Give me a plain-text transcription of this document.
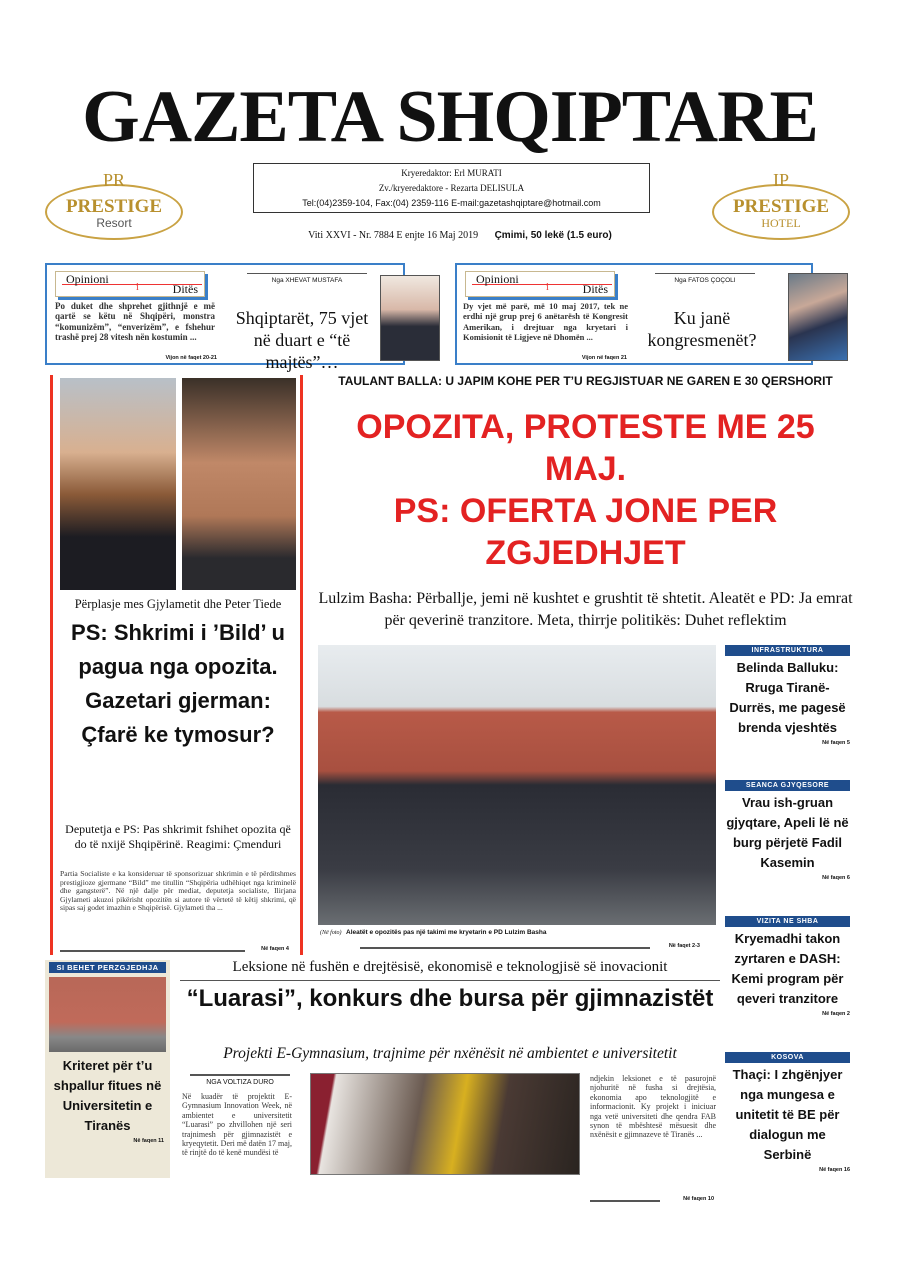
GAZETA SHQIPTARE
PR
PRESTIGE
Resort
IP
PRESTIGE
HOTEL
Kryeredaktor: Erl MURATI
Zv./kryeredaktore - Rezarta DELISULA
Tel:(04)2359-104, Fax:(04) 2359-116 E-mail:gazetashqiptare@hotmail.com
Viti XXVI - Nr. 7884 E enjte 16 Maj 2019 Çmimi, 50 lekë (1.5 euro)
Opinioni
i	Ditës
Po duket dhe shprehet gjithnjë e më qartë se këtu në Shqipëri, monstra “komunizëm”, “enverizëm”, e fshehur trashë prej 28 vitesh nën kostumin ...
Vijon në faqet 20-21
Nga XHEVAT MUSTAFA
Shqiptarët, 75 vjet në duart e “të majtës”…
Opinioni
i	Ditës
Dy vjet më parë, më 10 maj 2017, tek ne erdhi një grup prej 6 anëtarësh të Kongresit Amerikan, i drejtuar nga kryetari i Komisionit të Ligjeve në Dhomën ...
Vijon në faqen 21
Nga FATOS ÇOÇOLI
Ku janë kongresmenët?
Përplasje mes Gjylametit dhe Peter Tiede
PS: Shkrimi i ’Bild’ u pagua nga opozita. Gazetari gjerman: Çfarë ke tymosur?
Deputetja e PS: Pas shkrimit fshihet opozita që do të nxijë Shqipërinë. Reagimi: Çmenduri
Partia Socialiste e ka konsideruar të sponsorizuar shkrimin e të përditshmes prestigjioze gjermane “Bild” me titullin “Shqipëria udhëhiqet nga kriminelë dhe gangsterë”. Në një dalje për mediat, deputetja socialiste, Ilirjana Gjylameti akuzoi pikërisht opozitën si autore të vërtetë të këtij shkrimi, që sipas saj godet imazhin e Shqipërisë. Gjylameti tha ...
Në faqen 4
TAULANT BALLA: U JAPIM KOHE PER T’U REGJISTUAR NE GAREN E 30 QERSHORIT
OPOZITA, PROTESTE ME 25 MAJ.
PS: OFERTA JONE PER ZGJEDHJET
Lulzim Basha: Përballje, jemi në kushtet e grushtit të shtetit. Aleatët e PD: Ja emrat për qeverinë tranzitore. Meta, thirrje politikës: Duhet reflektim
(Në foto) Aleatët e opozitës pas një takimi me kryetarin e PD Lulzim Basha
Në faqet 2-3
INFRASTRUKTURA
Belinda Balluku: Rruga Tiranë-Durrës, me pagesë brenda vjeshtës
Në faqen 5
SEANCA GJYQESORE
Vrau ish-gruan gjyqtare, Apeli lë në burg përjetë Fadil Kasemin
Në faqen 6
VIZITA NE SHBA
Kryemadhi takon zyrtaren e DASH: Kemi program për qeveri tranzitore
Në faqen 2
KOSOVA
Thaçi: I zhgënjyer nga mungesa e unitetit të BE për dialogun me Serbinë
Në faqen 16
SI BEHET PERZGJEDHJA
Kriteret për t’u shpallur fitues në Universitetin e Tiranës
Në faqen 11
Leksione në fushën e drejtësisë, ekonomisë e teknologjisë së inovacionit
“Luarasi”, konkurs dhe bursa për gjimnazistët
Projekti E-Gymnasium, trajnime për nxënësit në ambientet e universitetit
NGA VOLTIZA DURO
Në kuadër të projektit E-Gymnasium Innovation Week, në ambientet e universitetit “Luarasi” po zhvillohen një seri trajnimesh për gjimnazistët e kryeqytetit. Deri më datën 17 maj, të rinjtë do të kenë mundësi të
ndjekin leksionet e të pasurojnë njohuritë në fusha si drejtësia, ekonomia apo teknologjitë e informacionit. Ky projekt i iniciuar nga vetë universiteti dhe qendra FAB synon të mbështesë mësuesit dhe nxënësit e gjimnazeve të Tiranës ...
Në faqen 10
